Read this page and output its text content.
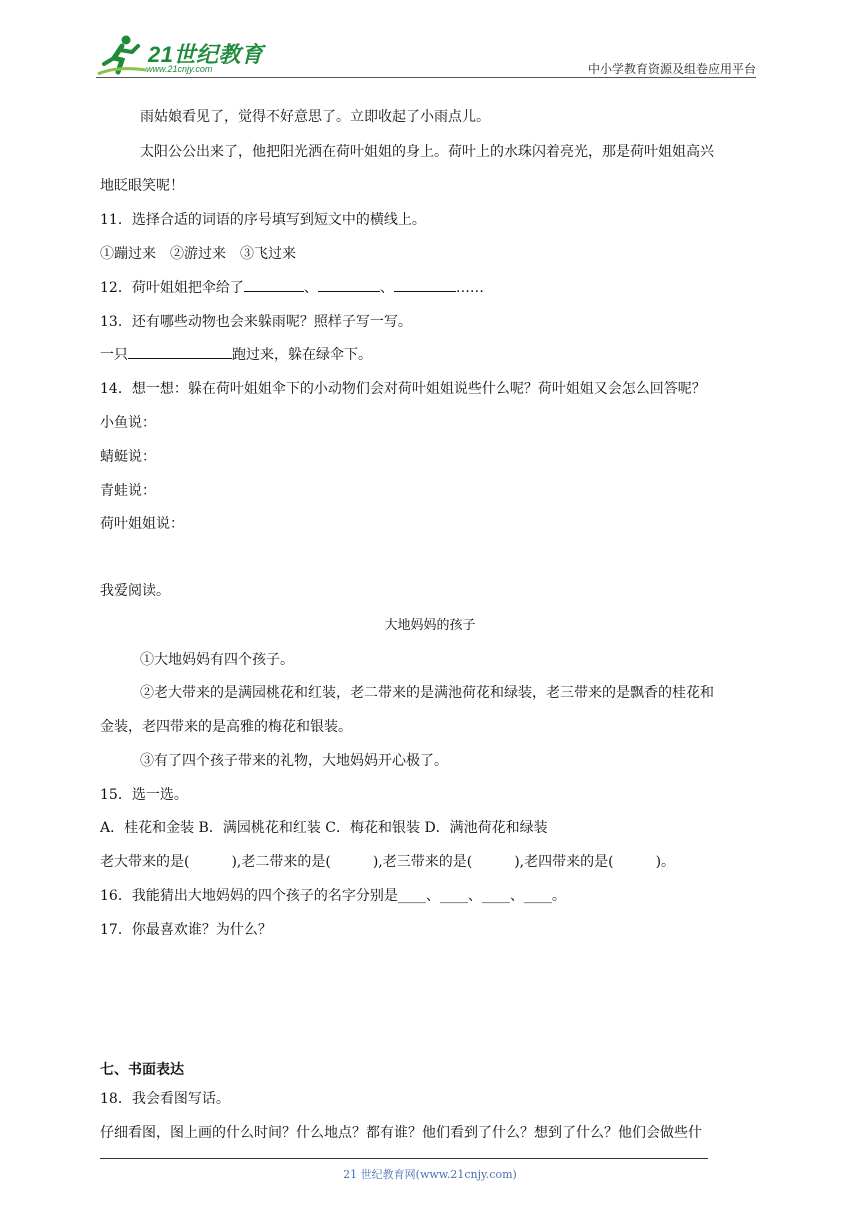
21世纪教育
www.21cnjy.com	中小学教育资源及组卷应用平台
雨姑娘看见了，觉得不好意思了。立即收起了小雨点儿。
太阳公公出来了，他把阳光洒在荷叶姐姐的身上。荷叶上的水珠闪着亮光，那是荷叶姐姐高兴
地眨眼笑呢！
11．选择合适的词语的序号填写到短文中的横线上。
①蹦过来　②游过来　③飞过来
12．荷叶姐姐把伞给了	、	、	……
13．还有哪些动物也会来躲雨呢？照样子写一写。
一只	跑过来，躲在绿伞下。
14．想一想：躲在荷叶姐姐伞下的小动物们会对荷叶姐姐说些什么呢？荷叶姐姐又会怎么回答呢？
小鱼说：
蜻蜓说：
青蛙说：
荷叶姐姐说：
我爱阅读。
大地妈妈的孩子
①大地妈妈有四个孩子。
②老大带来的是满园桃花和红装，老二带来的是满池荷花和绿装，老三带来的是飘香的桂花和
金装，老四带来的是高雅的梅花和银装。
③有了四个孩子带来的礼物，大地妈妈开心极了。
15．选一选。
A．桂花和金装 B．满园桃花和红装 C．梅花和银装 D．满池荷花和绿装
老大带来的是(　　　),老二带来的是(　　　),老三带来的是(　　　),老四带来的是(　　　)。
16．我能猜出大地妈妈的四个孩子的名字分别是____、____、____、____。
17．你最喜欢谁？为什么？
七、书面表达
18．我会看图写话。
仔细看图，图上画的什么时间？什么地点？都有谁？他们看到了什么？想到了什么？他们会做些什
21 世纪教育网(www.21cnjy.com)
